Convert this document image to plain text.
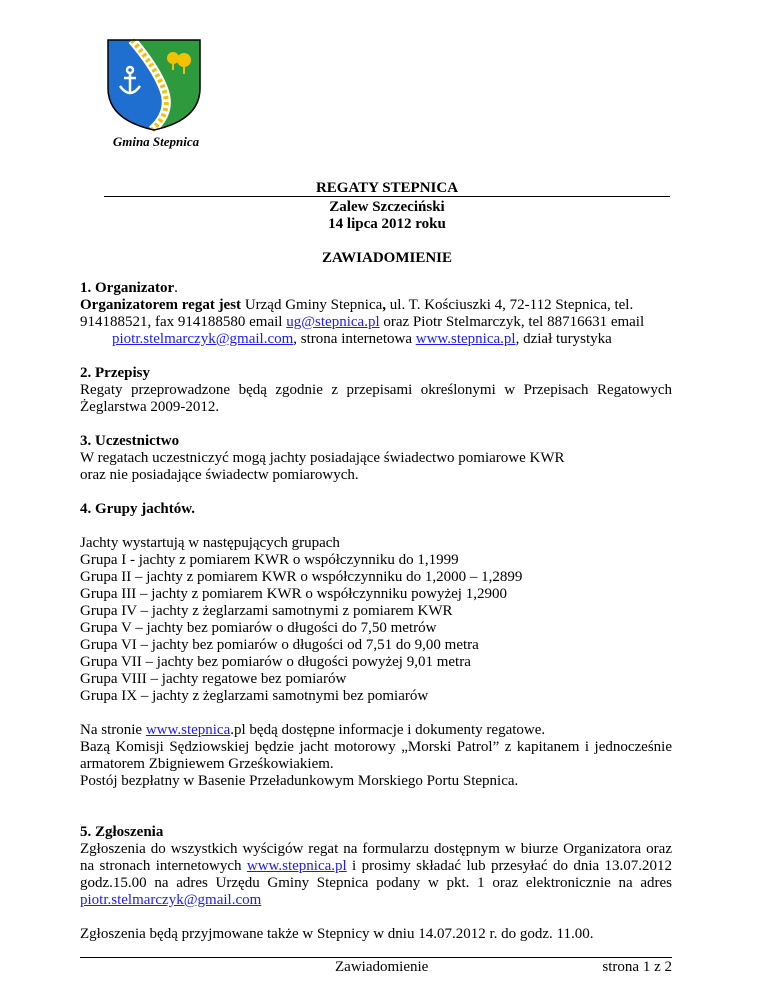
Gmina Stepnica
REGATY STEPNICA
Zalew Szczeciński
14 lipca 2012 roku
ZAWIADOMIENIE

1. Organizator.

Organizatorem regat jest Urząd Gminy Stepnica, ul. T. Kościuszki 4, 72-112 Stepnica, tel.

914188521, fax 914188580 email ug@stepnica.pl oraz Piotr Stelmarczyk, tel 88716631 email

piotr.stelmarczyk@gmail.com, strona internetowa www.stepnica.pl, dział turystyka

2. Przepisy

Regaty przeprowadzone będą zgodnie z przepisami określonymi w Przepisach Regatowych Żeglarstwa 2009-2012.

3. Uczestnictwo

W regatach uczestniczyć mogą jachty posiadające świadectwo pomiarowe KWR

oraz nie posiadające świadectw pomiarowych.

4. Grupy jachtów.

Jachty wystartują w następujących grupach

Grupa I - jachty z pomiarem KWR o współczynniku do 1,1999

Grupa II – jachty z pomiarem KWR o współczynniku do 1,2000 – 1,2899

Grupa III – jachty z pomiarem KWR o współczynniku powyżej 1,2900

Grupa IV – jachty z żeglarzami samotnymi z pomiarem KWR

Grupa V – jachty bez pomiarów o długości do 7,50 metrów

Grupa VI – jachty bez pomiarów o długości od 7,51 do 9,00 metra

Grupa VII – jachty bez pomiarów o długości powyżej 9,01 metra

Grupa VIII – jachty regatowe bez pomiarów

Grupa IX – jachty z żeglarzami samotnymi bez pomiarów

Na stronie www.stepnica.pl będą dostępne informacje i dokumenty regatowe.

Bazą Komisji Sędziowskiej będzie jacht motorowy „Morski Patrol” z kapitanem i jednocześnie armatorem Zbigniewem Grześkowiakiem.

Postój bezpłatny w Basenie Przeładunkowym Morskiego Portu Stepnica.

5. Zgłoszenia

Zgłoszenia do wszystkich wyścigów regat na formularzu dostępnym w biurze Organizatora oraz na stronach internetowych www.stepnica.pl i prosimy składać lub przesyłać do dnia 13.07.2012 godz.15.00 na adres Urzędu Gminy Stepnica podany w pkt. 1 oraz elektronicznie na adres piotr.stelmarczyk@gmail.com

Zgłoszenia będą przyjmowane także w Stepnicy w dniu 14.07.2012 r. do godz. 11.00.

Zawiadomienie	strona 1 z 2
